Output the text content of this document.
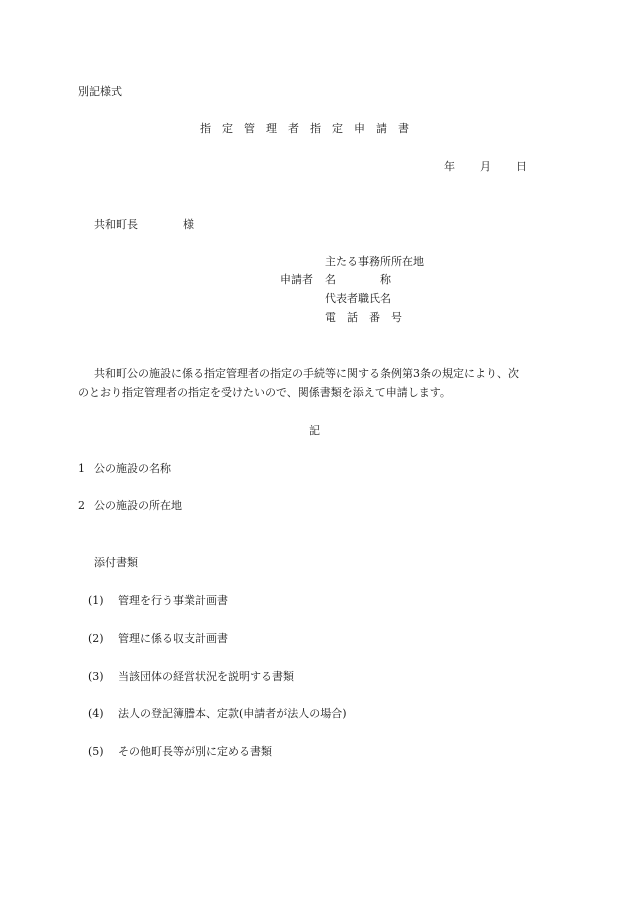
別記様式
指　定　管　理　者　指　定　申　請　書
年 月 日
共和町長	様
主たる事務所所在地
申請者 名　　　　称
代表者職氏名
電　話　番　号
共和町公の施設に係る指定管理者の指定の手続等に関する条例第3条の規定により、次
のとおり指定管理者の指定を受けたいので、関係書類を添えて申請します。
記
1 公の施設の名称
2 公の施設の所在地
添付書類
(1) 管理を行う事業計画書
(2) 管理に係る収支計画書
(3) 当該団体の経営状況を説明する書類
(4) 法人の登記簿謄本、定款(申請者が法人の場合)
(5) その他町長等が別に定める書類
